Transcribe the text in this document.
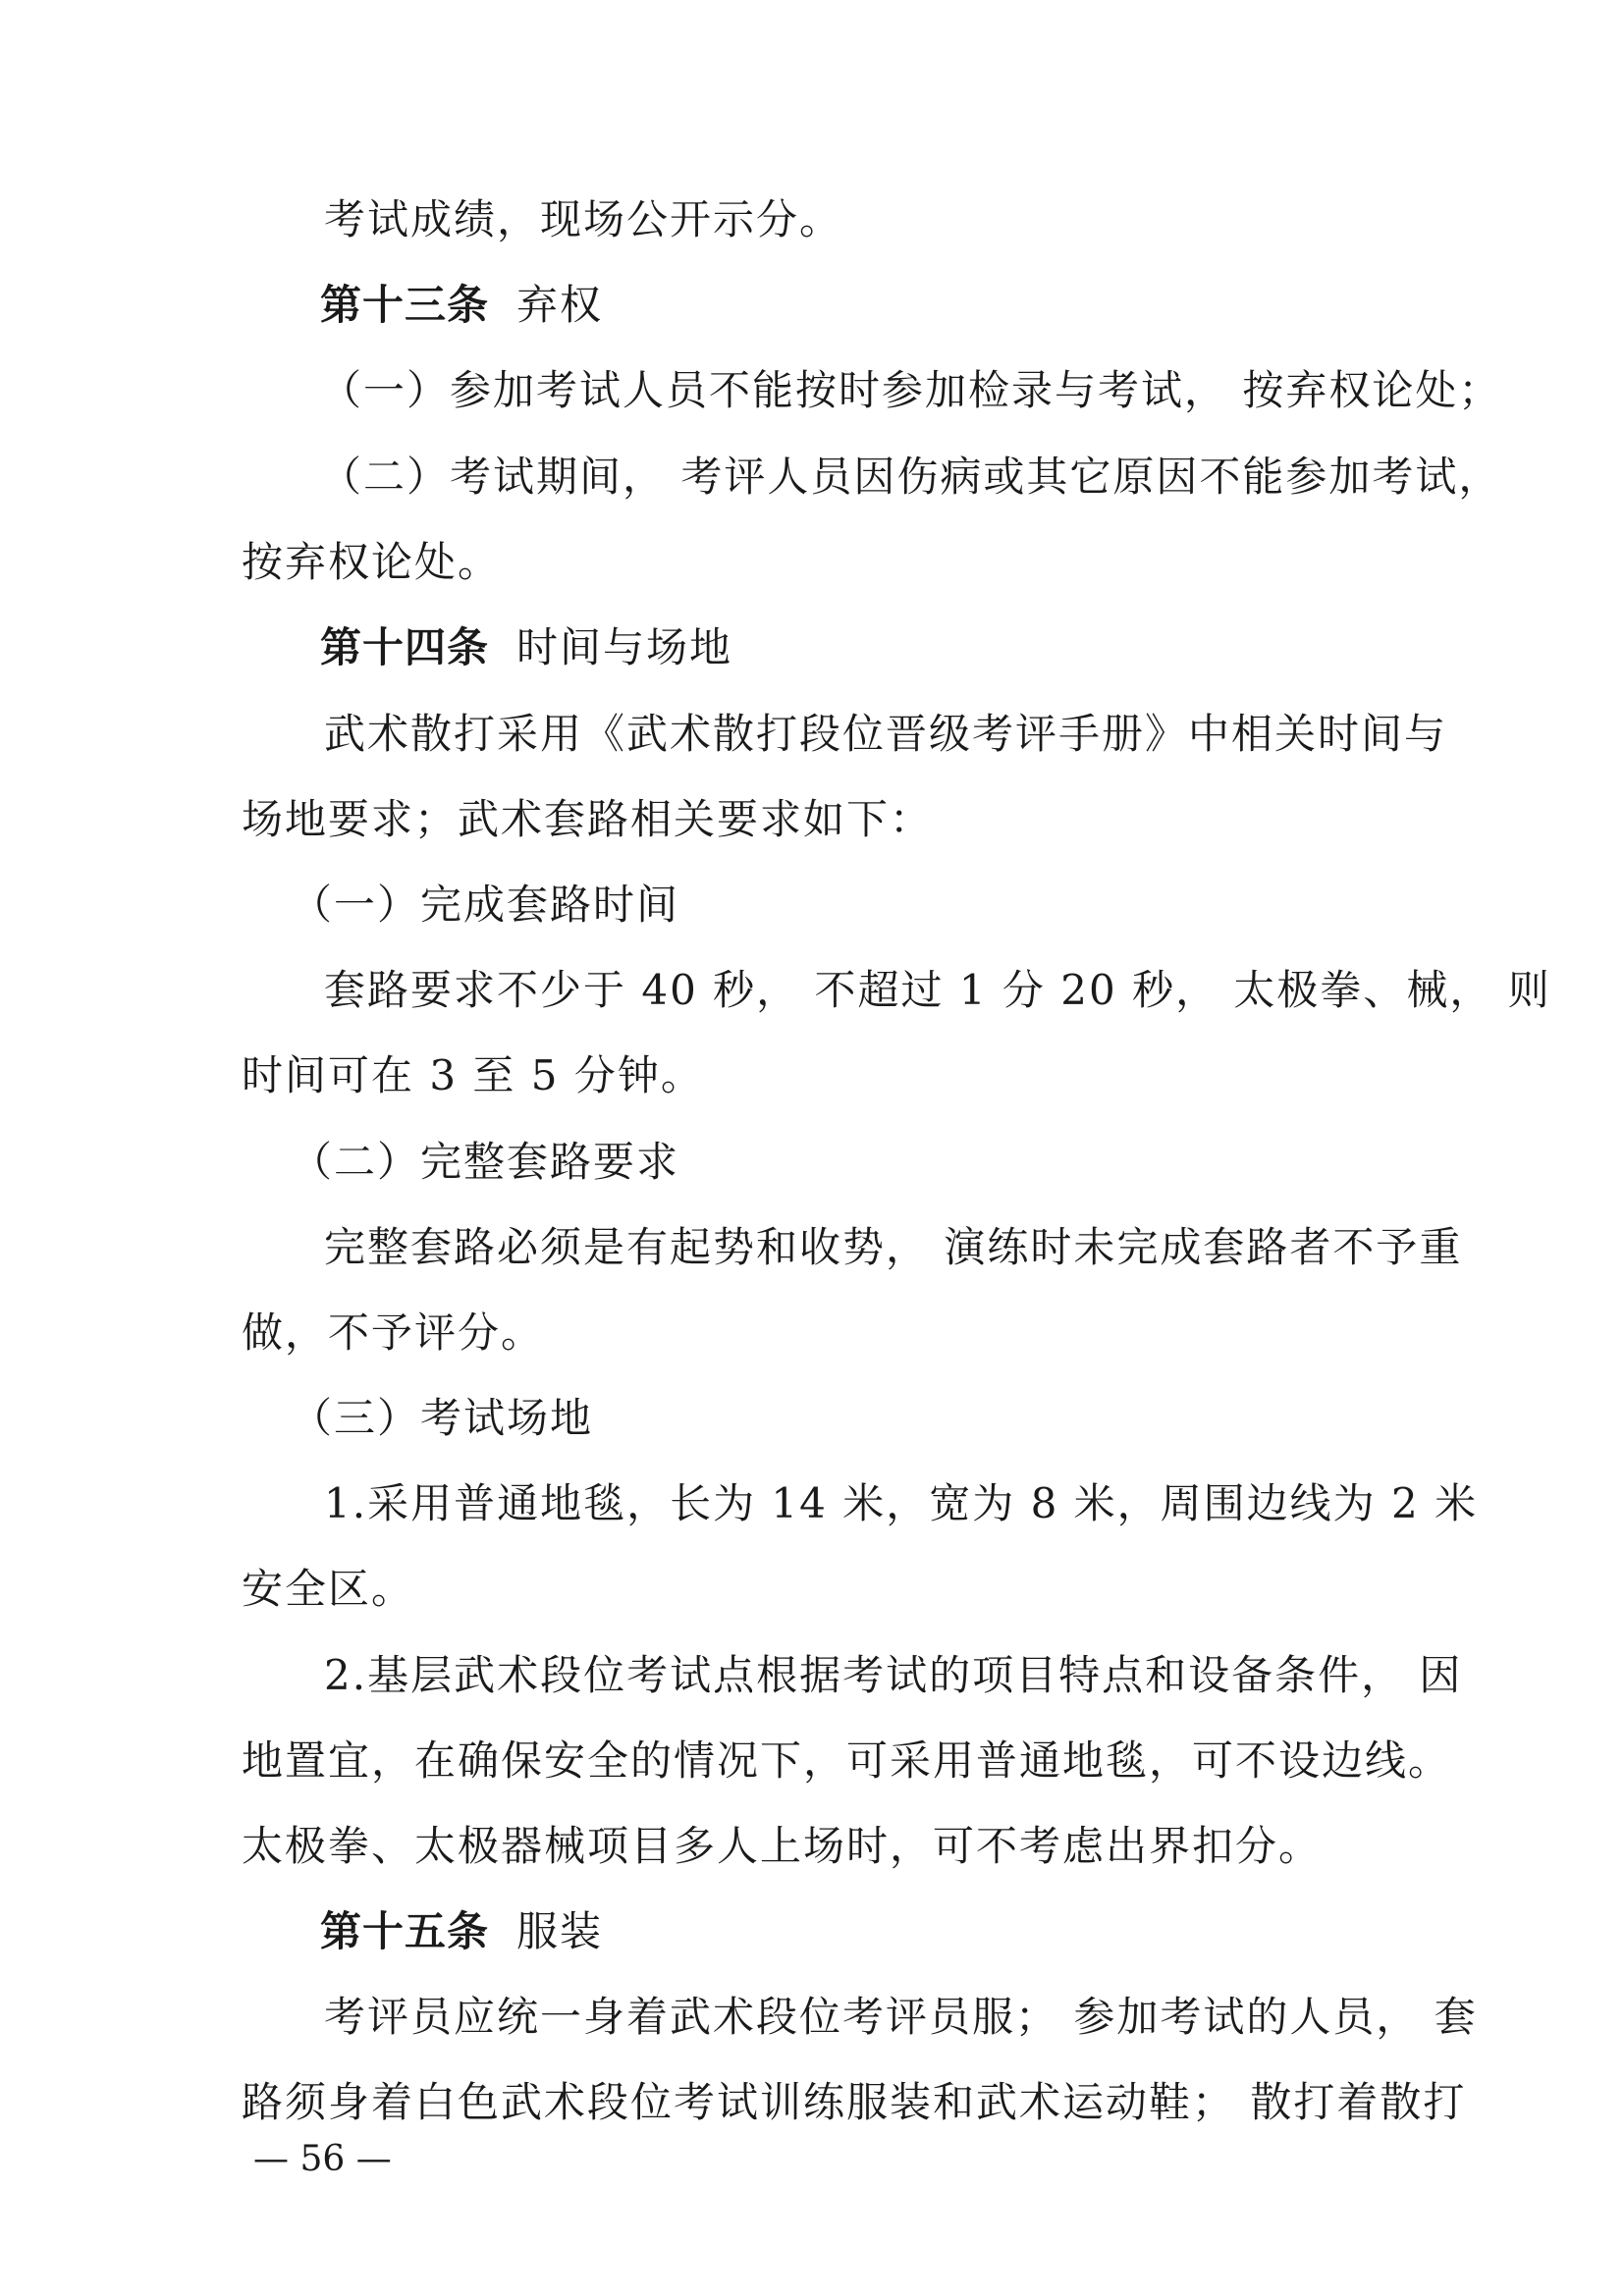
考试成绩，现场公开示分。
第十三条 弃权
（一）参加考试人员不能按时参加检录与考试， 按弃权论处；
（二）考试期间， 考评人员因伤病或其它原因不能参加考试，
按弃权论处。
第十四条 时间与场地
武术散打采用《武术散打段位晋级考评手册》中相关时间与
场地要求；武术套路相关要求如下：
（一）完成套路时间
套路要求不少于 40 秒， 不超过 1 分 20 秒， 太极拳、械， 则
时间可在 3 至 5 分钟。
（二）完整套路要求
完整套路必须是有起势和收势， 演练时未完成套路者不予重
做，不予评分。
（三）考试场地
1.采用普通地毯，长为 14 米，宽为 8 米，周围边线为 2 米
安全区。
2.基层武术段位考试点根据考试的项目特点和设备条件， 因
地置宜，在确保安全的情况下，可采用普通地毯，可不设边线。
太极拳、太极器械项目多人上场时，可不考虑出界扣分。
第十五条 服装
考评员应统一身着武术段位考评员服； 参加考试的人员， 套
路须身着白色武术段位考试训练服装和武术运动鞋； 散打着散打
— 56 —
